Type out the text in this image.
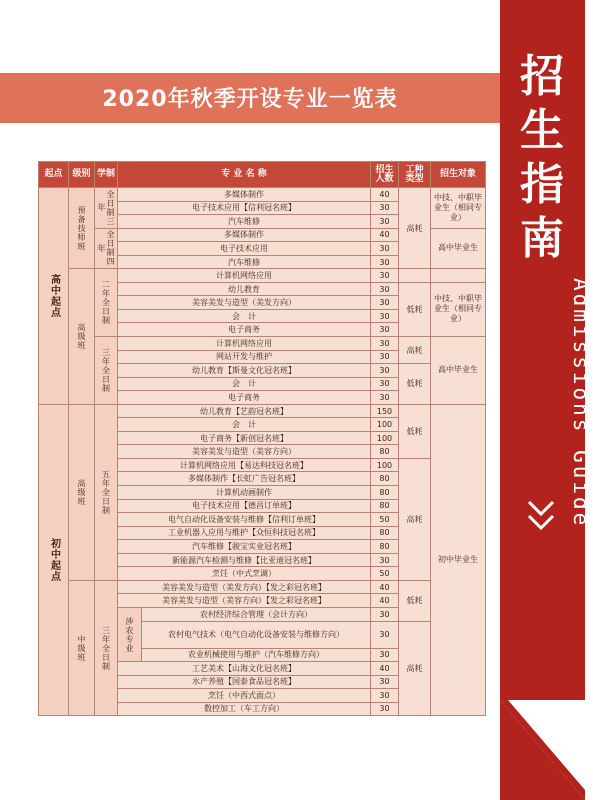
招生指南
Admissions Guide
8
2020年秋季开设专业一览表
起点	级别	学制	专 业 名 称		招生 人数	工种 类型	招生对象
高中起点	预备技师班	全日制三年	多媒体制作		40	高耗	中技、中职毕业生（相同专业）
			电子技术应用【信利冠名班】		30		
			汽车维修		30		
		全日制四年	多媒体制作		40		高中毕业生
			电子技术应用		30		
			汽车维修		30		
	高级班	二年全日制	计算机网络应用		30		
			幼儿教育		30	低耗	中技、中职毕业生（相同专业）
			美容美发与造型（美发方向）		30		
			会　计		30		
			电子商务		30		
		三年全日制	计算机网络应用		30	高耗	高中毕业生
			网站开发与维护		30		
			幼儿教育【斯曼文化冠名班】		30	低耗	
			会　计		30		
			电子商务		30		
初中起点	高级班	五年全日制	幼儿教育【艺韵冠名班】		150	低耗	初中毕业生
			会　计		100		
			电子商务【新创冠名班】		100		
			美容美发与造型（美容方向）		80		
			计算机网络应用【易达科技冠名班】		100	高耗	
			多媒体制作【长虹广告冠名班】		80		
			计算机动画制作		80		
			电子技术应用【德昌订单班】		80		
			电气自动化设备安装与维修【信利订单班】		50		
			工业机器人应用与维护【众恒科技冠名班】		80		
			汽车维修【骏宝实业冠名班】		80		
			新能源汽车检测与维修【比亚迪冠名班】		30		
			烹饪（中式烹调）		50		
	中级班	三年全日制	美容美发与造型（美发方向）【发之彩冠名班】		40	低耗	
			美容美发与造型（美容方向）【发之彩冠名班】		40		
			涉农专业	农村经济综合管理（会计方向）	30		
				农村电气技术（电气自动化设备安装与维修方向）	30	高耗	
				农业机械使用与维护（汽车维修方向）	30		
			工艺美术【山海文化冠名班】		40		
			水产养殖【国泰食品冠名班】		30		
			烹饪（中西式面点）		30		
			数控加工（车工方向）		30		
